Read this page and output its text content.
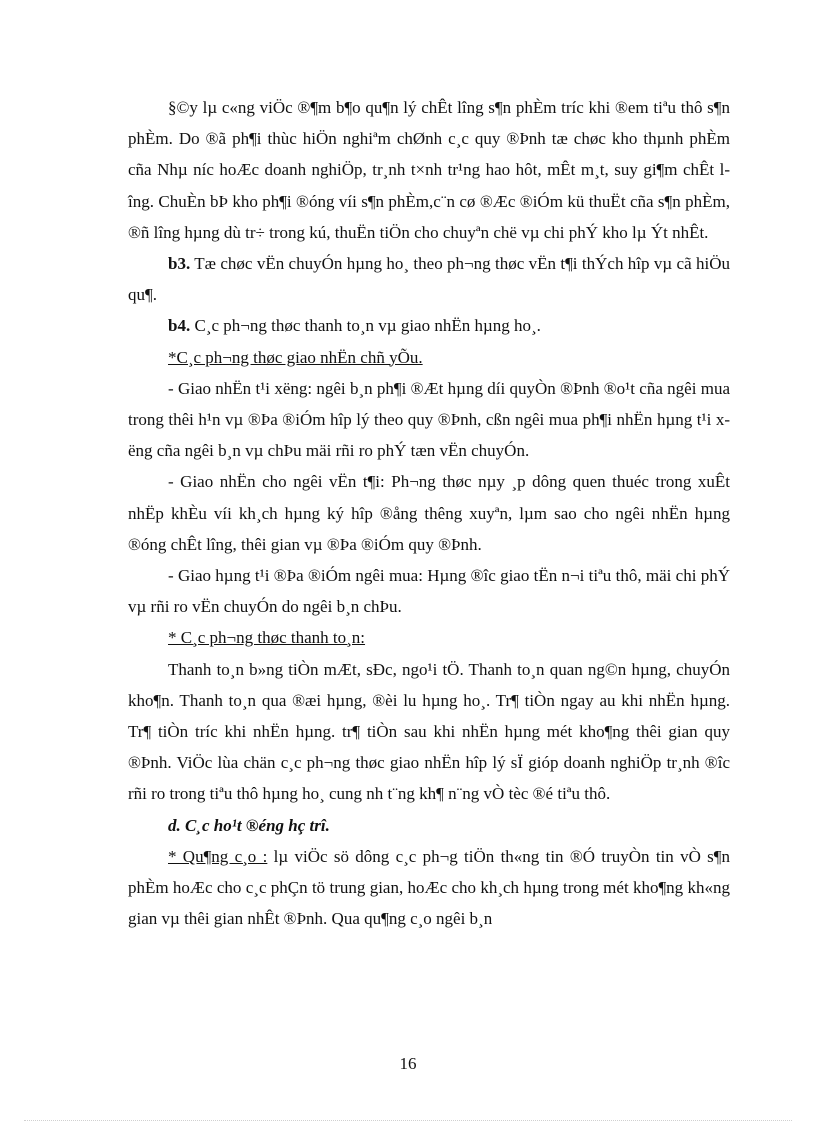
§©y lµ c«ng viÖc ®¶m b¶o qu¶n lý chÊt lîng s¶n phÈm tríc khi ®em tiªu thô s¶n phÈm. Do ®ã ph¶i thùc hiÖn nghiªm chØnh c¸c quy ®Þnh tæ chøc kho thµnh phÈm cña Nhµ níc hoÆc doanh nghiÖp, tr¸nh t×nh tr¹ng hao hôt, mÊt m¸t, suy gi¶m chÊt lîng. ChuÈn bÞ kho ph¶i ®óng víi s¶n phÈm,c¨n cø ®Æc ®iÓm kü thuËt cña s¶n phÈm, ®ñ lîng hµng dù tr÷ trong kú, thuËn tiÖn cho chuyªn chë vµ chi phÝ kho lµ Ýt nhÊt.

b3. Tæ chøc vËn chuyÓn hµng ho¸ theo ph¬ng thøc vËn t¶i thÝch hîp vµ cã hiÖu qu¶.

b4. C¸c ph¬ng thøc thanh to¸n vµ giao nhËn hµng ho¸.

*C¸c ph¬ng thøc giao nhËn chñ yÕu.

- Giao nhËn t¹i xëng: ngêi b¸n ph¶i ®Æt hµng díi quyÒn ®Þnh ®o¹t cña ngêi mua trong thêi h¹n vµ ®Þa ®iÓm hîp lý theo quy ®Þnh, cßn ngêi mua ph¶i nhËn hµng t¹i xëng cña ngêi b¸n vµ chÞu mäi rñi ro phÝ tæn vËn chuyÓn.

- Giao nhËn cho ngêi vËn t¶i: Ph¬ng thøc nµy ¸p dông quen thuéc trong xuÊt nhËp khÈu víi kh¸ch hµng ký hîp ®ång thêng xuyªn, lµm sao cho ngêi nhËn hµng ®óng chÊt lîng, thêi gian vµ ®Þa ®iÓm quy ®Þnh.

- Giao hµng t¹i ®Þa ®iÓm ngêi mua: Hµng ®îc giao tËn n¬i tiªu thô, mäi chi phÝ vµ rñi ro vËn chuyÓn do ngêi b¸n chÞu.

* C¸c ph¬ng thøc thanh to¸n:

Thanh to¸n b»ng tiÒn mÆt, sÐc, ngo¹i tÖ. Thanh to¸n quan ng©n hµng, chuyÓn kho¶n. Thanh to¸n qua ®æi hµng, ®èi lu hµng ho¸. Tr¶ tiÒn ngay au khi nhËn hµng. Tr¶ tiÒn tríc khi nhËn hµng. tr¶ tiÒn sau khi nhËn hµng mét kho¶ng thêi gian quy ®Þnh. ViÖc lùa chän c¸c ph¬ng thøc giao nhËn hîp lý sÏ gióp doanh nghiÖp tr¸nh ®îc rñi ro trong tiªu thô hµng ho¸ cung nh t¨ng kh¶ n¨ng vÒ tèc ®é tiªu thô.

d. C¸c ho¹t ®éng hç trî.

* Qu¶ng c¸o : lµ viÖc sö dông c¸c ph¬g tiÖn th«ng tin ®Ó truyÒn tin vÒ s¶n phÈm hoÆc cho c¸c phÇn tö trung gian, hoÆc cho kh¸ch hµng trong mét kho¶ng kh«ng gian vµ thêi gian nhÊt ®Þnh. Qua qu¶ng c¸o ngêi b¸n

16
